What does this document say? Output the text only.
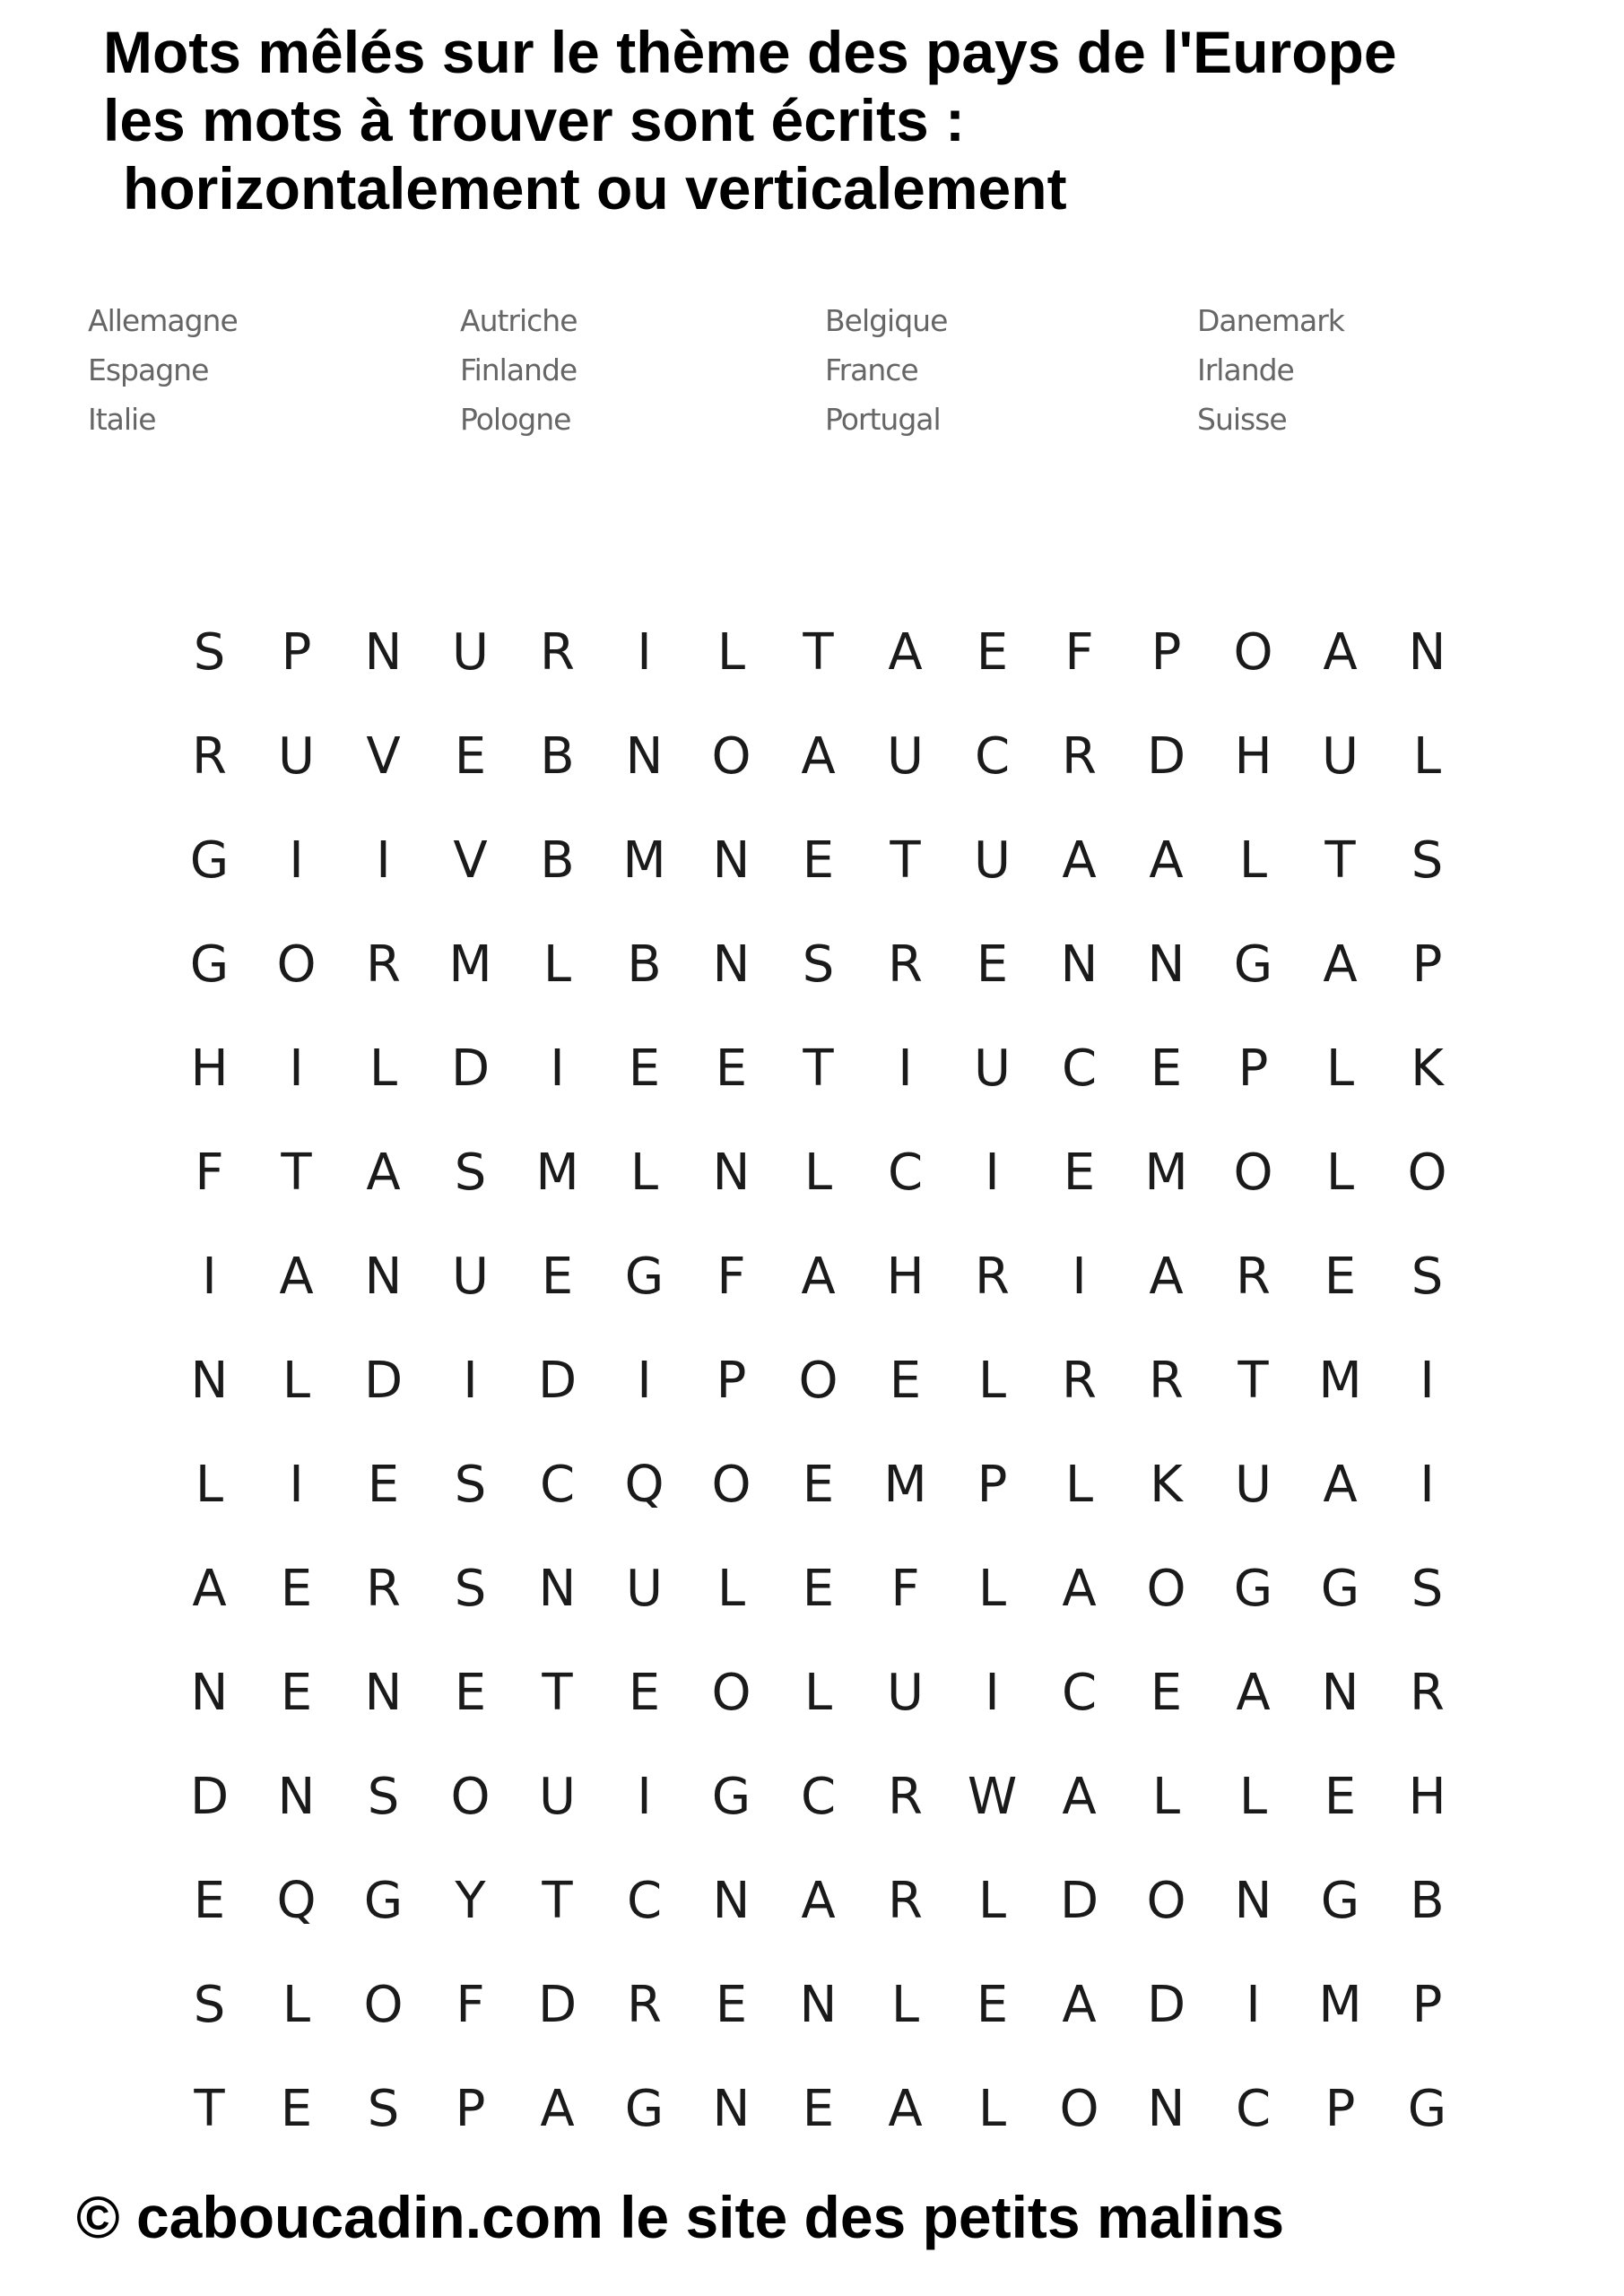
Mots mêlés sur le thème des pays de l'Europe
les mots à trouver sont écrits :
horizontalement ou verticalement
Allemagne
Espagne
Italie
Autriche
Finlande
Pologne
Belgique
France
Portugal
Danemark
Irlande
Suisse
S	P	N U	R	I	L	T	A	E	F	P	O A	N
R	U	V	E	B	N O A	U	C	R D H U	L
G	I	I	V	B M N	E	T	U	A	A	L	T	S
G O R M	L	B	N	S	R	E	N N G	A	P
H	I	L	D	I	E	E	T	I	U	C	E	P	L	K
F	T	A	S M	L	N	L	C	I	E M O	L	O
I	A	N U	E	G	F	A	H	R	I	A	R	E	S
N	L	D	I	D	I	P	O	E	L	R	R	T M	I
L	I	E	S	C Q O	E M P	L	K	U	A	I
A	E	R	S	N U	L	E	F	L	A O G G	S
N	E	N	E	T	E	O	L	U	I	C	E	A	N	R
D N	S	O U	I	G C	R W A	L	L	E	H
E	Q G	Y	T	C	N	A	R	L	D O N G	B
S	L	O	F	D R	E	N	L	E	A	D	I	M P
T	E	S	P	A	G N	E	A	L	O N	C	P	G
© caboucadin.com le site des petits malins
